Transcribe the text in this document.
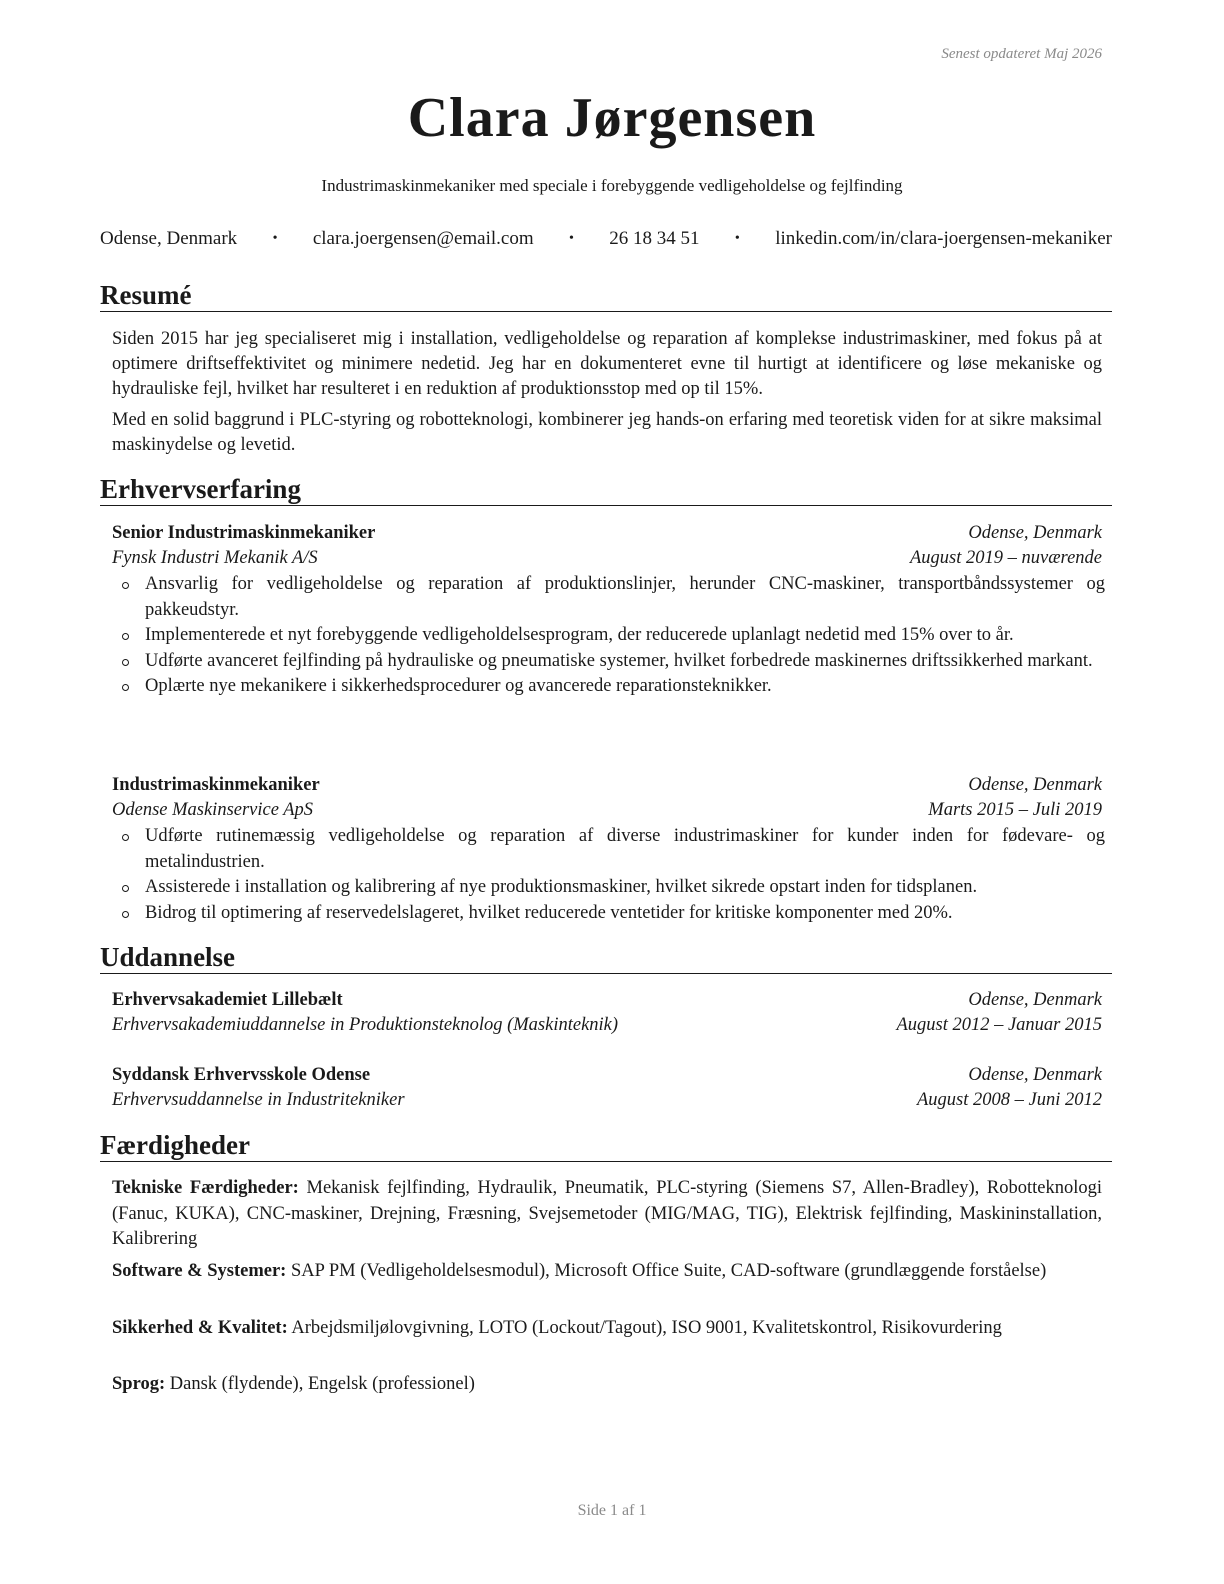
Senest opdateret Maj 2026
Clara Jørgensen
Industrimaskinmekaniker med speciale i forebyggende vedligeholdelse og fejlfinding
Odense, Denmark	• clara.joergensen@email.com	• 26 18 34 51	• linkedin.com/in/clara-joergensen-mekaniker
Resumé
Siden 2015 har jeg specialiseret mig i installation, vedligeholdelse og reparation af komplekse industrimaskiner, med fokus på at optimere driftseffektivitet og minimere nedetid. Jeg har en dokumenteret evne til hurtigt at identificere og løse mekaniske og hydrauliske fejl, hvilket har resulteret i en reduktion af produktionsstop med op til 15%.
Med en solid baggrund i PLC-styring og robotteknologi, kombinerer jeg hands-on erfaring med teoretisk viden for at sikre maksimal maskinydelse og levetid.
Erhvervserfaring
Senior Industrimaskinmekaniker	Odense, Denmark
Fynsk Industri Mekanik A/S	August 2019 – nuværende
Ansvarlig for vedligeholdelse og reparation af produktionslinjer, herunder CNC-maskiner, transportbåndssystemer og pakkeudstyr.
Implementerede et nyt forebyggende vedligeholdelsesprogram, der reducerede uplanlagt nedetid med 15% over to år.
Udførte avanceret fejlfinding på hydrauliske og pneumatiske systemer, hvilket forbedrede maskinernes driftssikkerhed markant.
Oplærte nye mekanikere i sikkerhedsprocedurer og avancerede reparationsteknikker.
Industrimaskinmekaniker	Odense, Denmark
Odense Maskinservice ApS	Marts 2015 – Juli 2019
Udførte rutinemæssig vedligeholdelse og reparation af diverse industrimaskiner for kunder inden for fødevare- og metalindustrien.
Assisterede i installation og kalibrering af nye produktionsmaskiner, hvilket sikrede opstart inden for tidsplanen.
Bidrog til optimering af reservedelslageret, hvilket reducerede ventetider for kritiske komponenter med 20%.
Uddannelse
Erhvervsakademiet Lillebælt	Odense, Denmark
Erhvervsakademiuddannelse in Produktionsteknolog (Maskinteknik)	August 2012 – Januar 2015
Syddansk Erhvervsskole Odense	Odense, Denmark
Erhvervsuddannelse in Industritekniker	August 2008 – Juni 2012
Færdigheder
Tekniske Færdigheder: Mekanisk fejlfinding, Hydraulik, Pneumatik, PLC-styring (Siemens S7, Allen-Bradley), Robotteknologi (Fanuc, KUKA), CNC-maskiner, Drejning, Fræsning, Svejsemetoder (MIG/MAG, TIG), Elektrisk fejlfinding, Maskininstallation, Kalibrering
Software & Systemer: SAP PM (Vedligeholdelsesmodul), Microsoft Office Suite, CAD-software (grundlæggende forståelse)
Sikkerhed & Kvalitet: Arbejdsmiljølovgivning, LOTO (Lockout/Tagout), ISO 9001, Kvalitetskontrol, Risikovurdering
Sprog: Dansk (flydende), Engelsk (professionel)
Side 1 af 1
